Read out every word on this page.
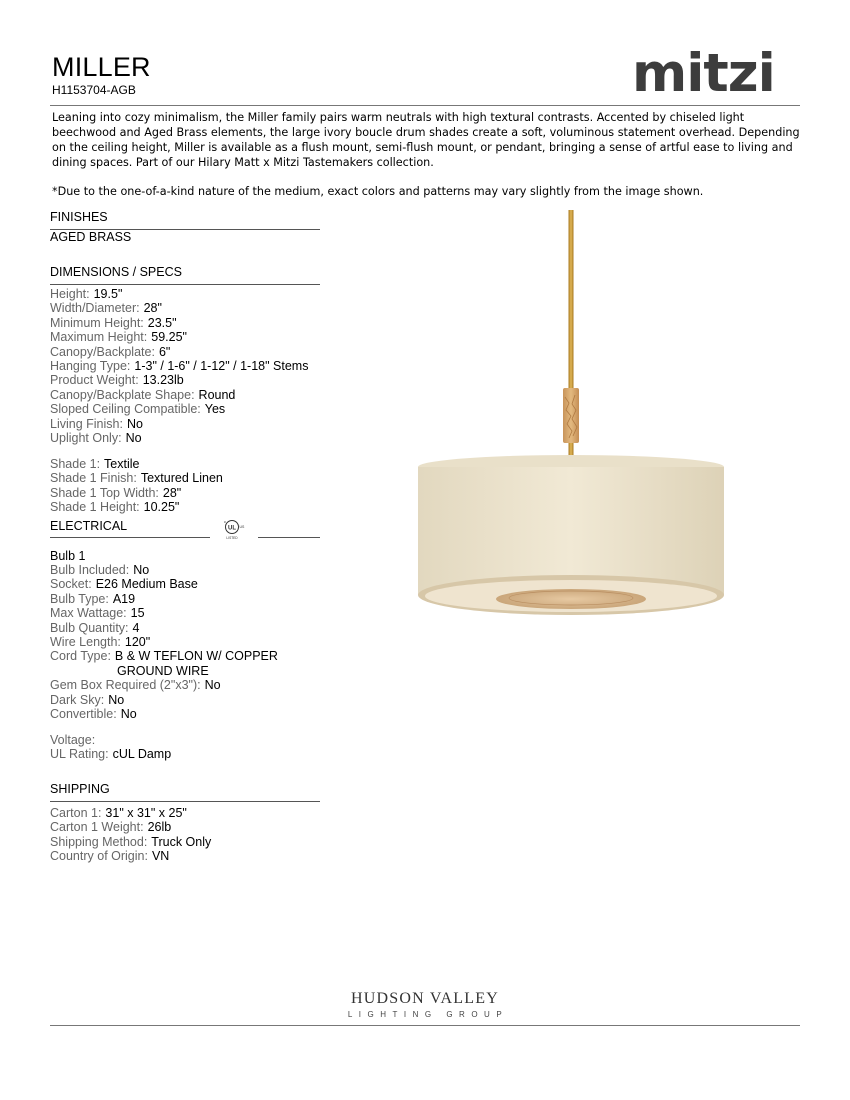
MILLER
H1153704-AGB	mitzi
Leaning into cozy minimalism, the Miller family pairs warm neutrals with high textural contrasts. Accented by chiseled light beechwood and Aged Brass elements, the large ivory boucle drum shades create a soft, voluminous statement overhead. Depending on the ceiling height, Miller is available as a flush mount, semi-flush mount, or pendant, bringing a sense of artful ease to living and dining spaces. Part of our Hilary Matt x Mitzi Tastemakers collection.
*Due to the one-of-a-kind nature of the medium, exact colors and patterns may vary slightly from the image shown.
FINISHES
AGED BRASS
DIMENSIONS / SPECS
Height: 19.5"
Width/Diameter: 28"
Minimum Height: 23.5"
Maximum Height: 59.25"
Canopy/Backplate: 6"
Hanging Type: 1-3" / 1-6" / 1-12" / 1-18" Stems
Product Weight: 13.23lb
Canopy/Backplate Shape: Round
Sloped Ceiling Compatible: Yes
Living Finish: No
Uplight Only: No
Shade 1: Textile
Shade 1 Finish: Textured Linen
Shade 1 Top Width: 28"
Shade 1 Height: 10.25"
ELECTRICAL	UL
c
US
LISTED
Bulb 1
Bulb Included: No
Socket: E26 Medium Base
Bulb Type: A19
Max Wattage: 15
Bulb Quantity: 4
Wire Length: 120"
Cord Type: B & W TEFLON W/ COPPER
GROUND WIRE
Gem Box Required (2"x3"): No
Dark Sky: No
Convertible: No
Voltage:
UL Rating: cUL Damp
SHIPPING
Carton 1: 31" x 31" x 25"
Carton 1 Weight: 26lb
Shipping Method: Truck Only
Country of Origin: VN
HUDSON VALLEY
LIGHTING GROUP
